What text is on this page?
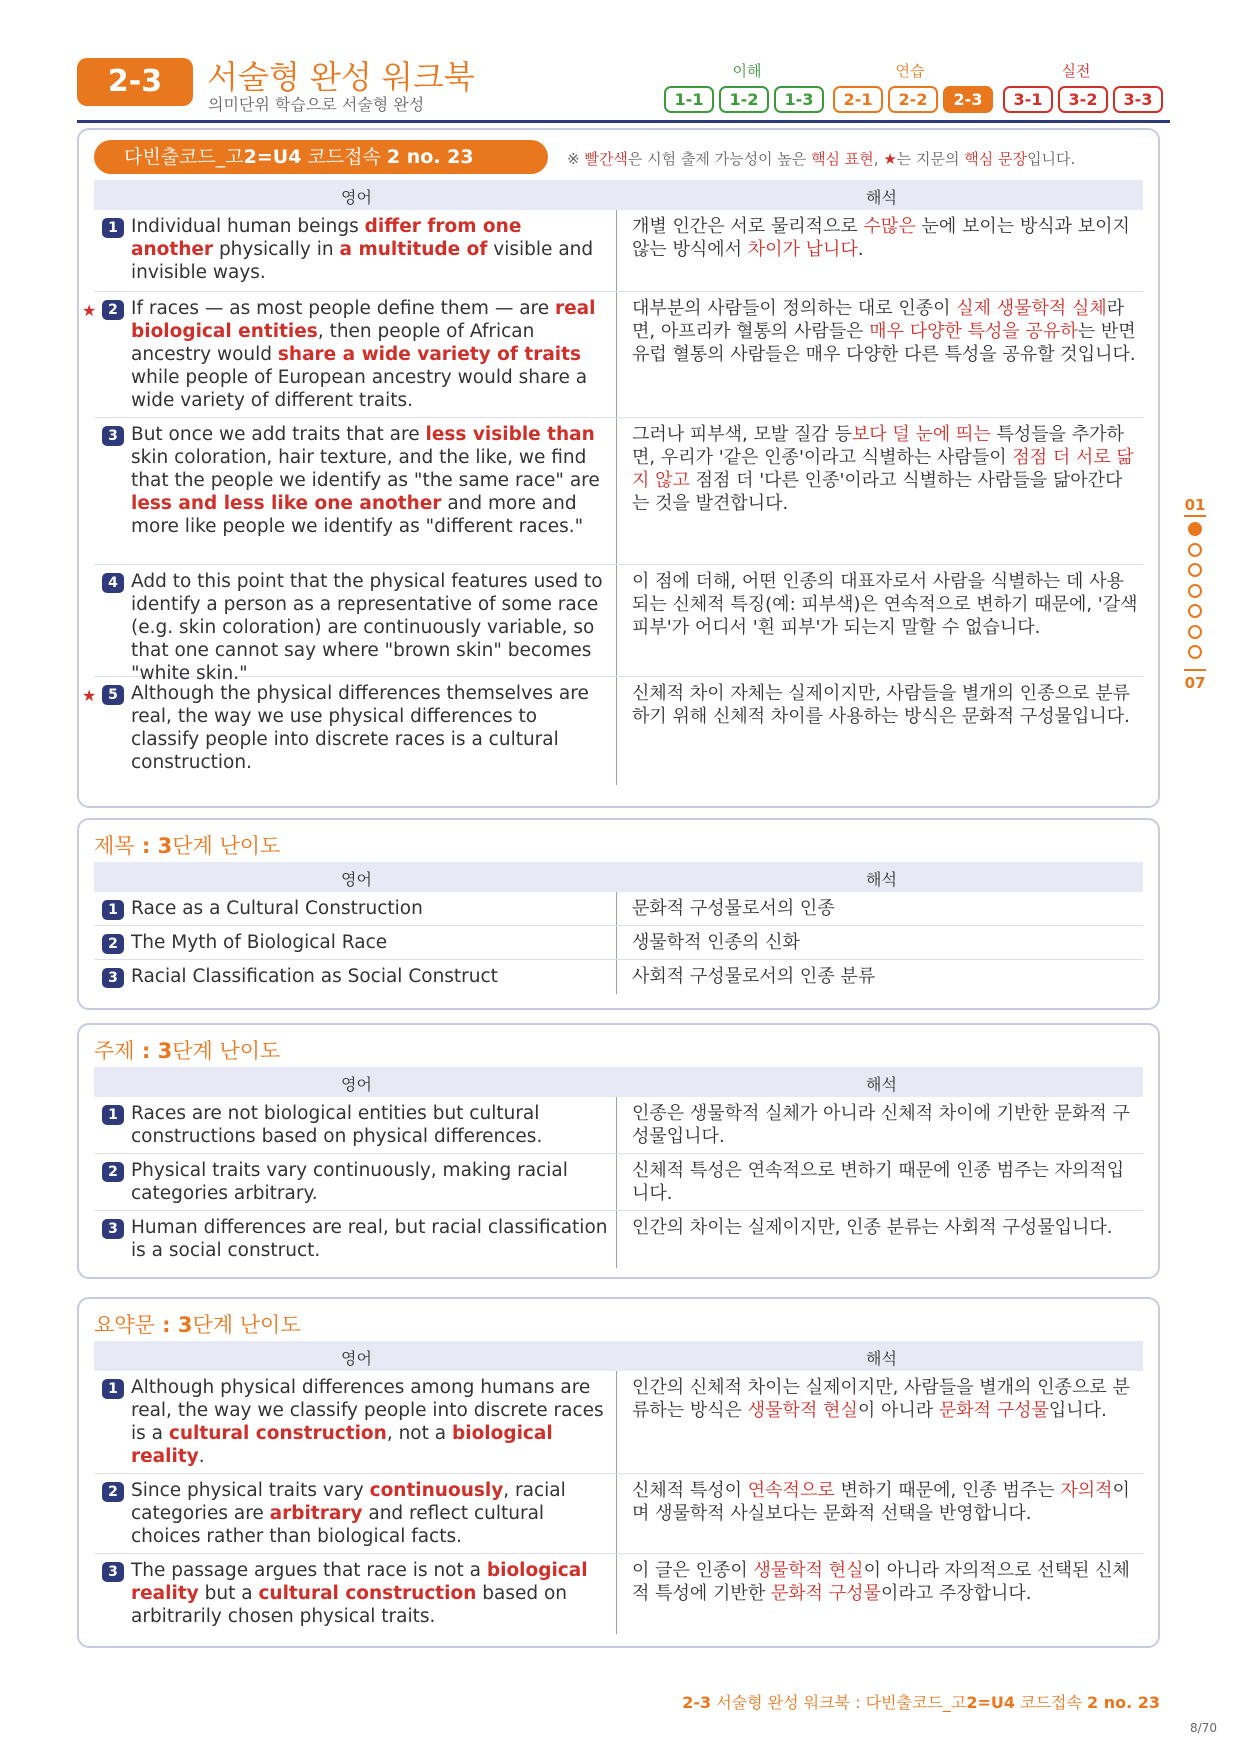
2-3	서술형 완성 워크북
의미단위 학습으로 서술형 완성
이해	연습	실전
1-1	1-2	1-3	2-1	2-2	2-3	3-1	3-2	3-3
다빈출코드_고2=U4 코드접속 2 no. 23	※ 빨간색은 시험 출제 가능성이 높은 핵심 표현, ★는 지문의 핵심 문장입니다.
영어	해석
1 Individual human beings differ from one another physically in a multitude of visible and invisible ways.
개별 인간은 서로 물리적으로 수많은 눈에 보이는 방식과 보이지 않는 방식에서 차이가 납니다.
★ 2 If races — as most people define them — are real biological entities, then people of African ancestry would share a wide variety of traits while people of European ancestry would share a wide variety of different traits.
대부분의 사람들이 정의하는 대로 인종이 실제 생물학적 실체라면, 아프리카 혈통의 사람들은 매우 다양한 특성을 공유하는 반면 유럽 혈통의 사람들은 매우 다양한 다른 특성을 공유할 것입니다.
3 But once we add traits that are less visible than skin coloration, hair texture, and the like, we find that the people we identify as "the same race" are less and less like one another and more and more like people we identify as "different races."
그러나 피부색, 모발 질감 등보다 덜 눈에 띄는 특성들을 추가하면, 우리가 '같은 인종'이라고 식별하는 사람들이 점점 더 서로 닮지 않고 점점 더 '다른 인종'이라고 식별하는 사람들을 닮아간다는 것을 발견합니다.
4 Add to this point that the physical features used to identify a person as a representative of some race (e.g. skin coloration) are continuously variable, so that one cannot say where "brown skin" becomes "white skin."
이 점에 더해, 어떤 인종의 대표자로서 사람을 식별하는 데 사용되는 신체적 특징(예: 피부색)은 연속적으로 변하기 때문에, '갈색 피부'가 어디서 '흰 피부'가 되는지 말할 수 없습니다.
★ 5 Although the physical differences themselves are real, the way we use physical differences to classify people into discrete races is a cultural construction.
신체적 차이 자체는 실제이지만, 사람들을 별개의 인종으로 분류하기 위해 신체적 차이를 사용하는 방식은 문화적 구성물입니다.
제목 : 3단계 난이도
영어	해석
1 Race as a Cultural Construction	문화적 구성물로서의 인종
2 The Myth of Biological Race	생물학적 인종의 신화
3 Racial Classification as Social Construct	사회적 구성물로서의 인종 분류
주제 : 3단계 난이도
영어	해석
1 Races are not biological entities but cultural constructions based on physical differences.
인종은 생물학적 실체가 아니라 신체적 차이에 기반한 문화적 구성물입니다.
2 Physical traits vary continuously, making racial categories arbitrary.
신체적 특성은 연속적으로 변하기 때문에 인종 범주는 자의적입니다.
3 Human differences are real, but racial classification is a social construct.
인간의 차이는 실제이지만, 인종 분류는 사회적 구성물입니다.
요약문 : 3단계 난이도
영어	해석
1 Although physical differences among humans are real, the way we classify people into discrete races is a cultural construction, not a biological reality.
인간의 신체적 차이는 실제이지만, 사람들을 별개의 인종으로 분류하는 방식은 생물학적 현실이 아니라 문화적 구성물입니다.
2 Since physical traits vary continuously, racial categories are arbitrary and reflect cultural choices rather than biological facts.
신체적 특성이 연속적으로 변하기 때문에, 인종 범주는 자의적이며 생물학적 사실보다는 문화적 선택을 반영합니다.
3 The passage argues that race is not a biological reality but a cultural construction based on arbitrarily chosen physical traits.
이 글은 인종이 생물학적 현실이 아니라 자의적으로 선택된 신체적 특성에 기반한 문화적 구성물이라고 주장합니다.
01
07
2-3 서술형 완성 워크북 : 다빈출코드_고2=U4 코드접속 2 no. 23
8/70
